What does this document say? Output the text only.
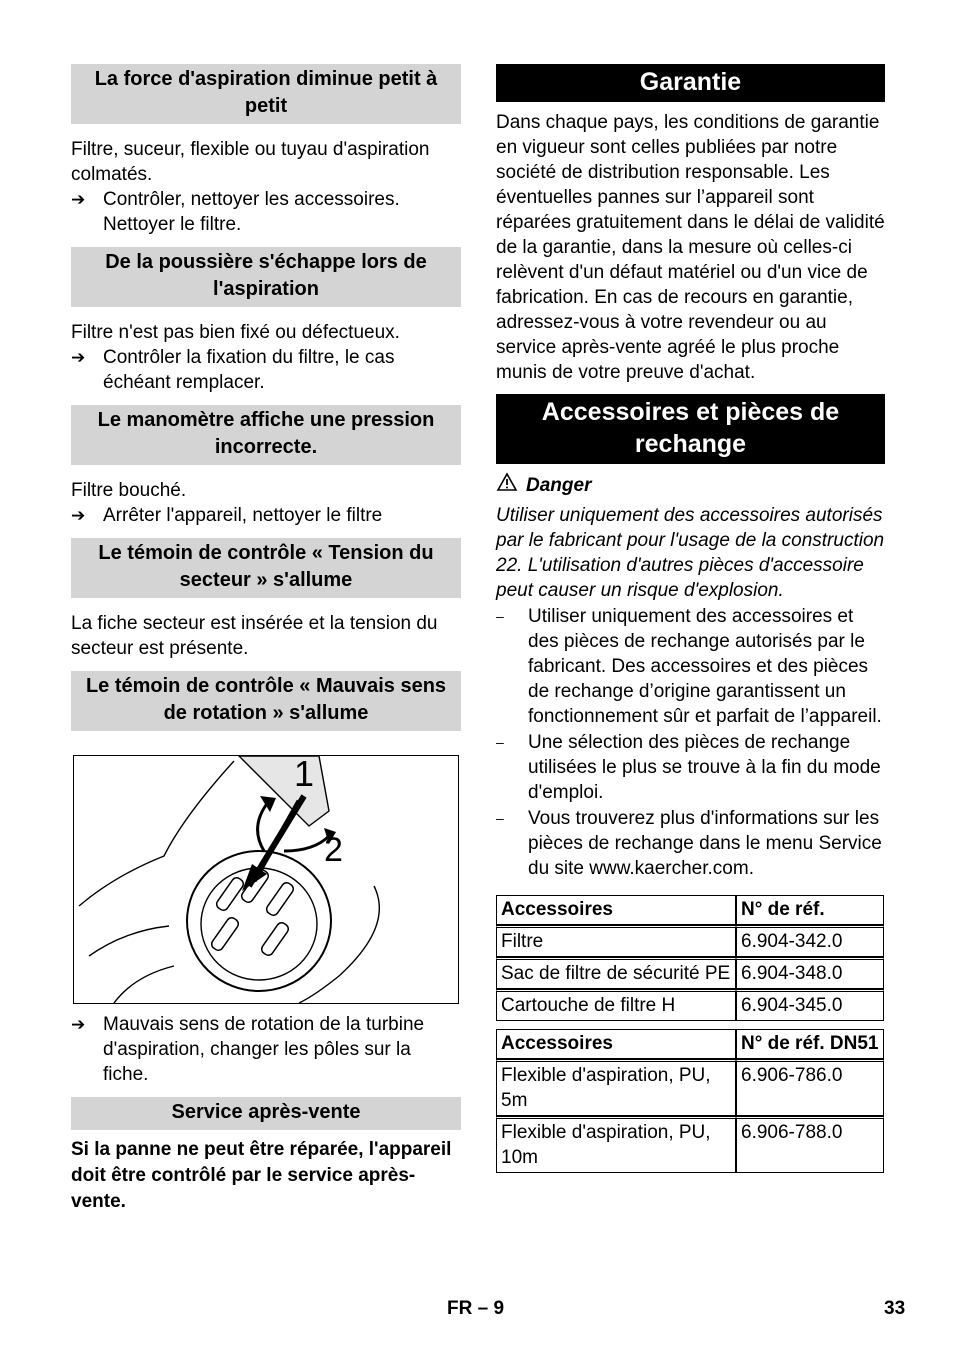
La force d'aspiration diminue petit à petit

Filtre, suceur, flexible ou tuyau d'aspiration colmatés.

➔ Contrôler, nettoyer les accessoires. Nettoyer le filtre.
De la poussière s'échappe lors de l'aspiration

Filtre n'est pas bien fixé ou défectueux.

➔ Contrôler la fixation du filtre, le cas échéant remplacer.
Le manomètre affiche une pression incorrecte.

Filtre bouché.

➔ Arrêter l'appareil, nettoyer le filtre
Le témoin de contrôle « Tension du secteur » s'allume

La fiche secteur est insérée et la tension du secteur est présente.

Le témoin de contrôle « Mauvais sens de rotation » s'allume
1
2
➔ Mauvais sens de rotation de la turbine d'aspiration, changer les pôles sur la fiche.
Service après-vente

Si la panne ne peut être réparée, l'appareil doit être contrôlé par le service après-vente.

Garantie

Dans chaque pays, les conditions de garantie en vigueur sont celles publiées par notre société de distribution responsable. Les éventuelles pannes sur l’appareil sont réparées gratuitement dans le délai de validité de la garantie, dans la mesure où celles-ci relèvent d'un défaut matériel ou d'un vice de fabrication. En cas de recours en garantie, adressez-vous à votre revendeur ou au service après-vente agréé le plus proche munis de votre preuve d'achat.

Accessoires et pièces de rechange
Danger

Utiliser uniquement des accessoires autorisés par le fabricant pour l'usage de la construction 22. L'utilisation d'autres pièces d'accessoire peut causer un risque d'explosion.

–	Utiliser uniquement des accessoires et des pièces de rechange autorisés par le fabricant. Des accessoires et des pièces de rechange d’origine garantissent un fonctionnement sûr et parfait de l’appareil.
–	Une sélection des pièces de rechange utilisées le plus se trouve à la fin du mode d'emploi.
–	Vous trouverez plus d'informations sur les pièces de rechange dans le menu Service du site www.kaercher.com.
Accessoires	N° de réf.
Filtre	6.904-342.0
Sac de filtre de sécurité PE	6.904-348.0
Cartouche de filtre H	6.904-345.0
Accessoires	N° de réf. DN51
Flexible d'aspiration, PU, 5m	6.906-786.0
Flexible d'aspiration, PU, 10m	6.906-788.0
FR – 9	33
